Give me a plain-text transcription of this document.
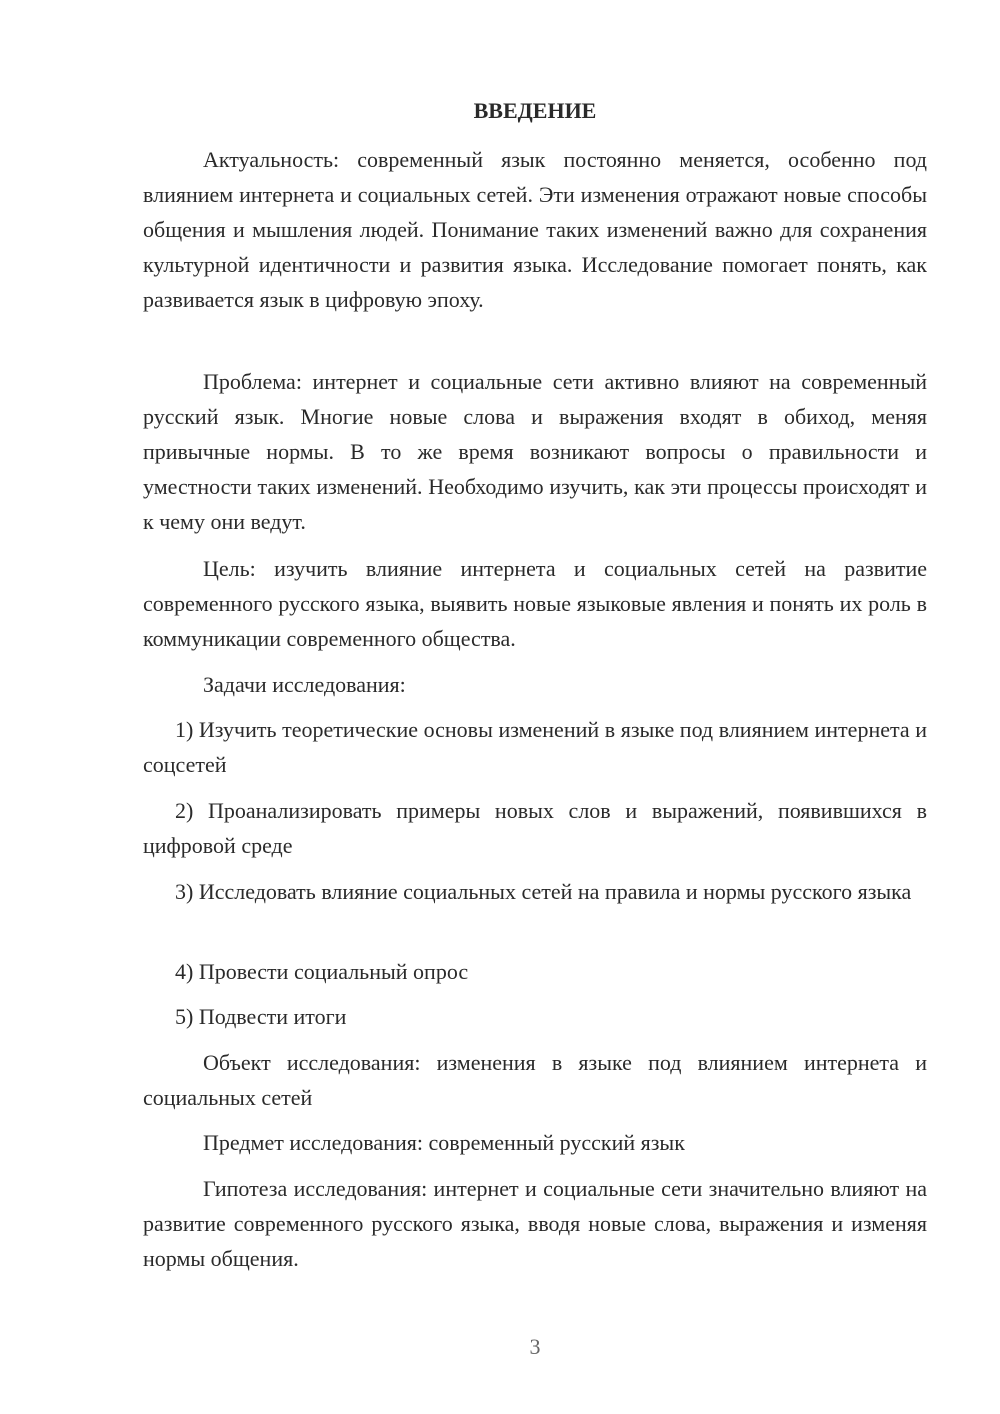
ВВЕДЕНИЕ

Актуальность: современный язык постоянно меняется, особенно под влиянием интернета и социальных сетей. Эти изменения отражают новые способы общения и мышления людей. Понимание таких изменений важно для сохранения культурной идентичности и развития языка. Исследование помогает понять, как развивается язык в цифровую эпоху.

Проблема: интернет и социальные сети активно влияют на современный русский язык. Многие новые слова и выражения входят в обиход, меняя привычные нормы. В то же время возникают вопросы о правильности и уместности таких изменений. Необходимо изучить, как эти процессы происходят и к чему они ведут.

Цель: изучить влияние интернета и социальных сетей на развитие современного русского языка, выявить новые языковые явления и понять их роль в коммуникации современного общества.

Задачи исследования:

1) Изучить теоретические основы изменений в языке под влиянием интернета и соцсетей

2) Проанализировать примеры новых слов и выражений, появившихся в цифровой среде

3) Исследовать влияние социальных сетей на правила и нормы русского языка

4) Провести социальный опрос

5) Подвести итоги

Объект исследования: изменения в языке под влиянием интернета и социальных сетей

Предмет исследования: современный русский язык

Гипотеза исследования: интернет и социальные сети значительно влияют на развитие современного русского языка, вводя новые слова, выражения и изменяя нормы общения.

3
